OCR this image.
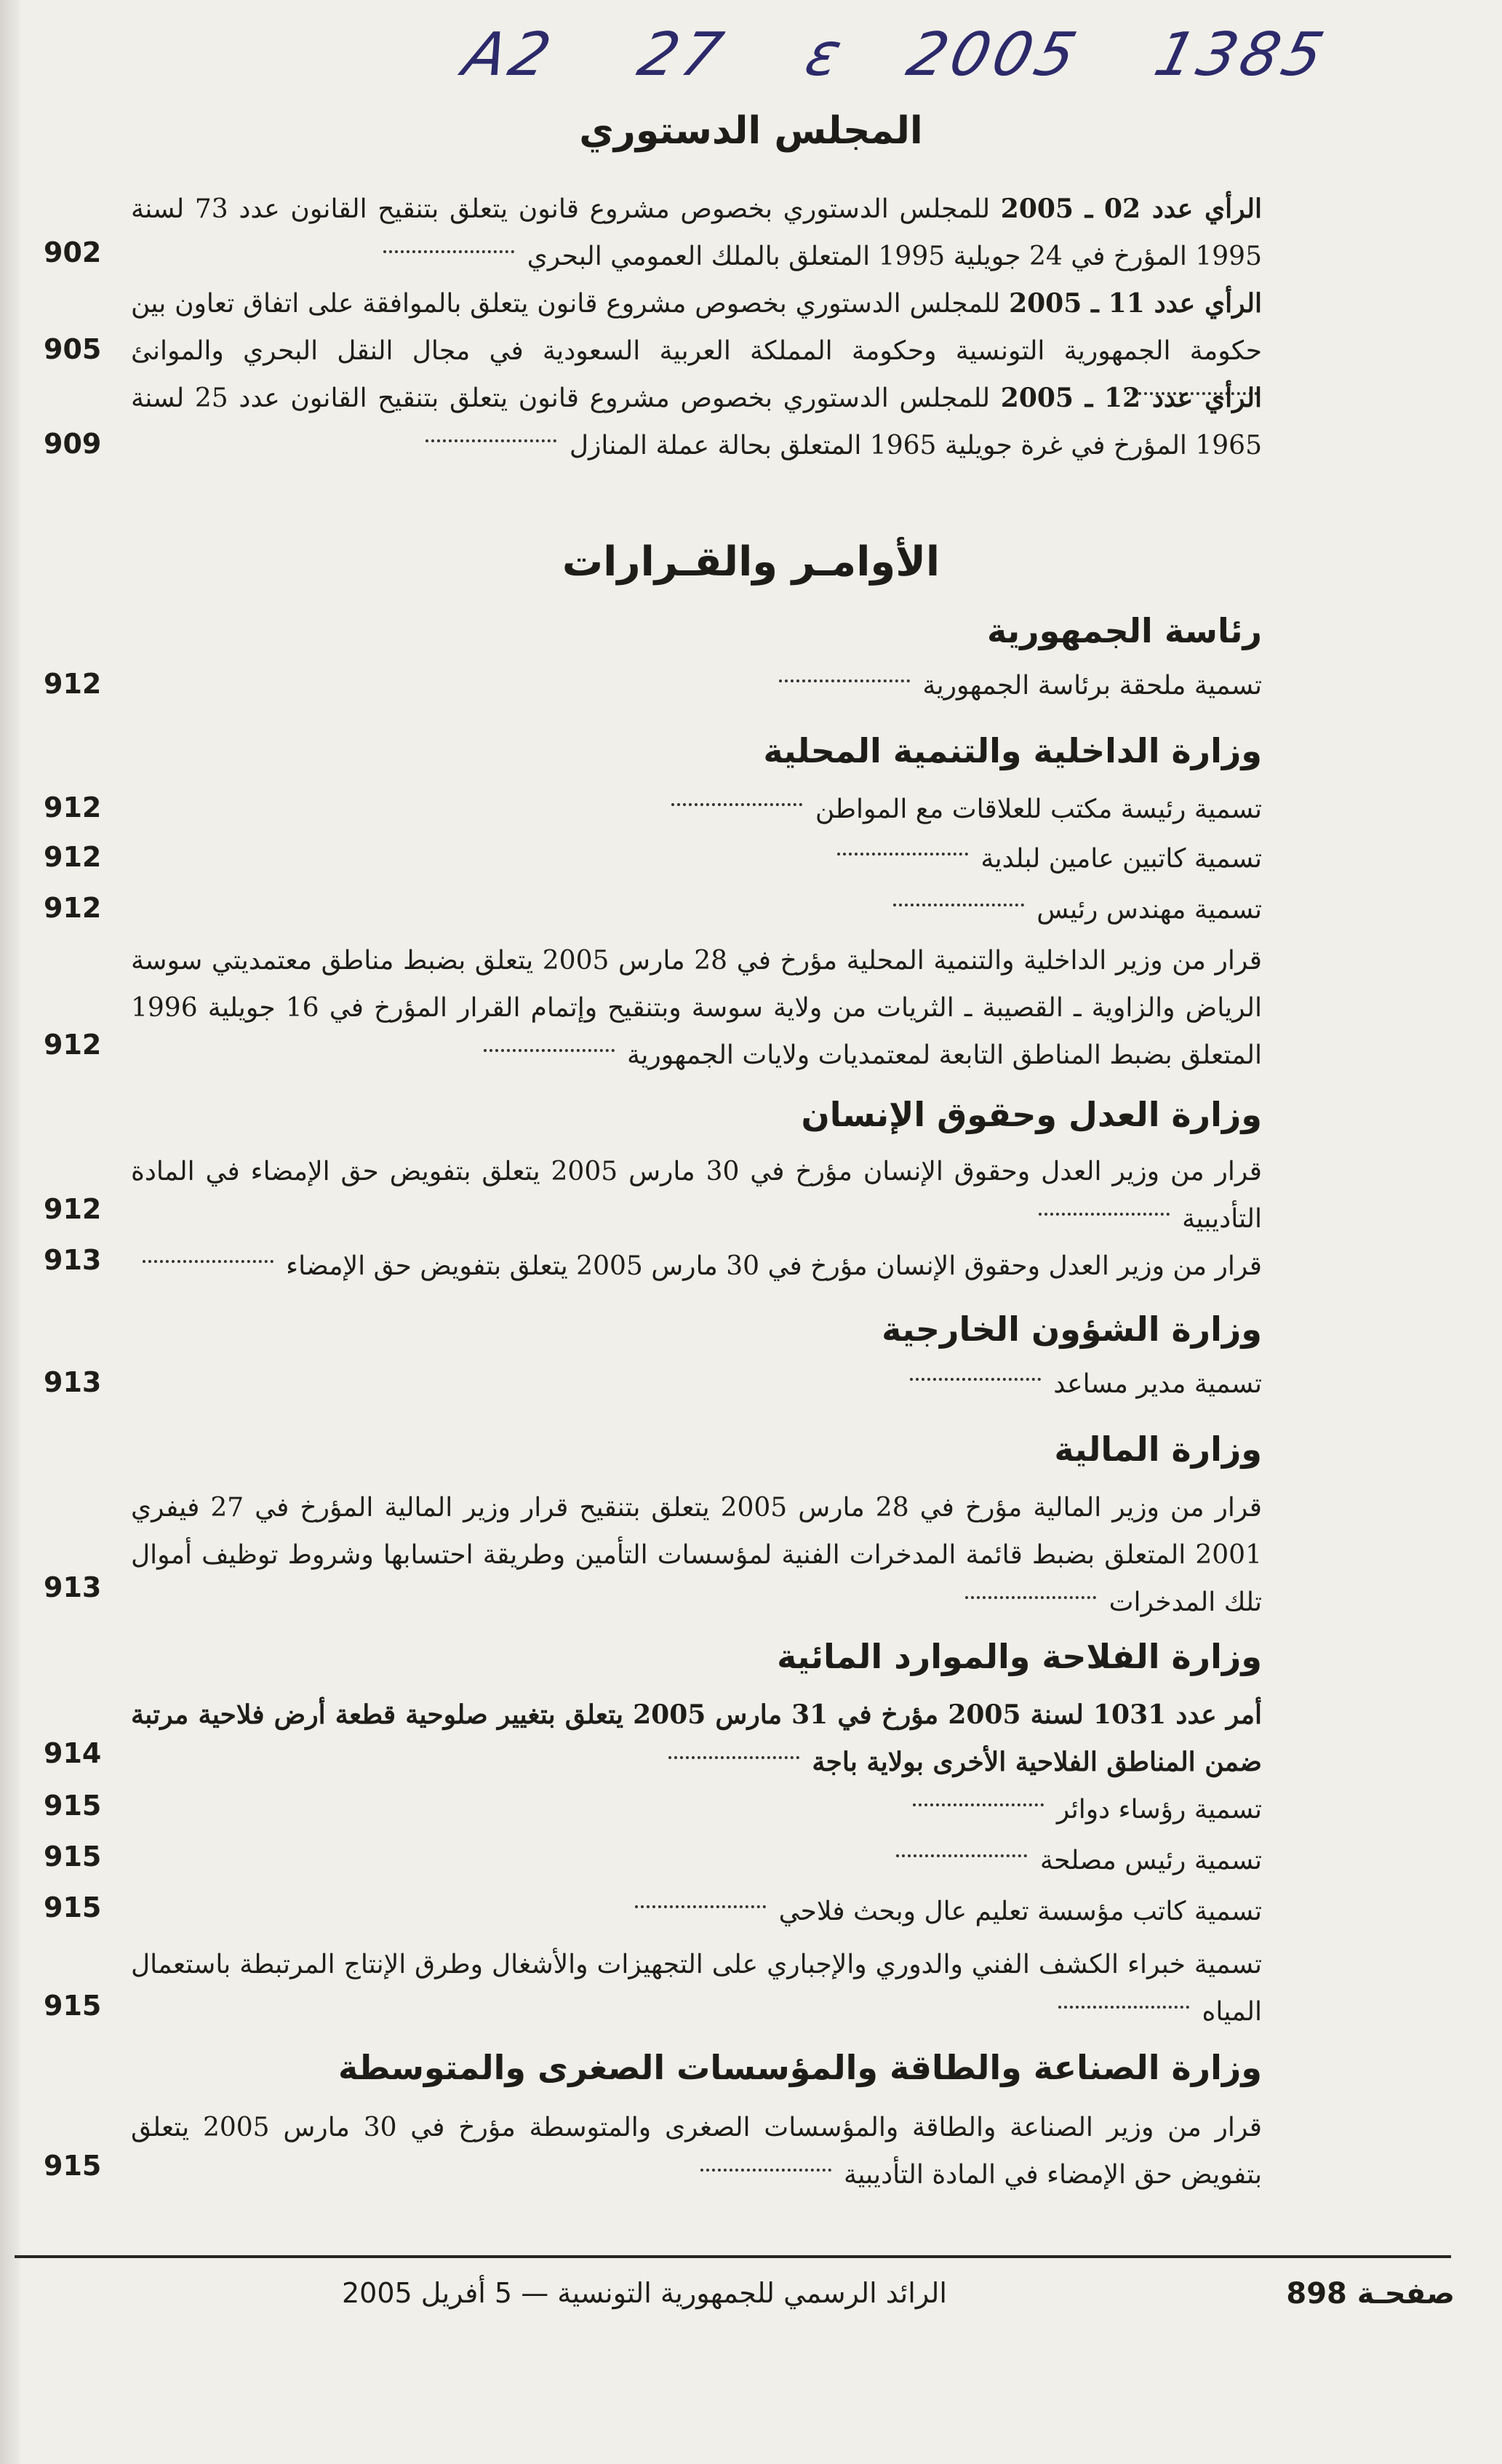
A2 27 ε 2005 1385
المجلس الدستوري
الرأي عدد 02 ـ 2005 للمجلس الدستوري بخصوص مشروع قانون يتعلق بتنقيح القانون عدد 73 لسنة 1995 المؤرخ في 24 جويلية 1995 المتعلق بالملك العمومي البحري
902
الرأي عدد 11 ـ 2005 للمجلس الدستوري بخصوص مشروع قانون يتعلق بالموافقة على اتفاق تعاون بين حكومة الجمهورية التونسية وحكومة المملكة العربية السعودية في مجال النقل البحري والموانئ
905
الرأي عدد 12 ـ 2005 للمجلس الدستوري بخصوص مشروع قانون يتعلق بتنقيح القانون عدد 25 لسنة 1965 المؤرخ في غرة جويلية 1965 المتعلق بحالة عملة المنازل
909
الأوامـر والقـرارات
رئاسة الجمهورية
تسمية ملحقة برئاسة الجمهورية
912
وزارة الداخلية والتنمية المحلية
تسمية رئيسة مكتب للعلاقات مع المواطن
912
تسمية كاتبين عامين لبلدية
912
تسمية مهندس رئيس
912
قرار من وزير الداخلية والتنمية المحلية مؤرخ في 28 مارس 2005 يتعلق بضبط مناطق معتمديتي سوسة الرياض والزاوية ـ القصيبة ـ الثريات من ولاية سوسة وبتنقيح وإتمام القرار المؤرخ في 16 جويلية 1996 المتعلق بضبط المناطق التابعة لمعتمديات ولايات الجمهورية
912
وزارة العدل وحقوق الإنسان
قرار من وزير العدل وحقوق الإنسان مؤرخ في 30 مارس 2005 يتعلق بتفويض حق الإمضاء في المادة التأديبية
912
قرار من وزير العدل وحقوق الإنسان مؤرخ في 30 مارس 2005 يتعلق بتفويض حق الإمضاء
913
وزارة الشؤون الخارجية
تسمية مدير مساعد
913
وزارة المالية
قرار من وزير المالية مؤرخ في 28 مارس 2005 يتعلق بتنقيح قرار وزير المالية المؤرخ في 27 فيفري 2001 المتعلق بضبط قائمة المدخرات الفنية لمؤسسات التأمين وطريقة احتسابها وشروط توظيف أموال تلك المدخرات
913
وزارة الفلاحة والموارد المائية
أمر عدد 1031 لسنة 2005 مؤرخ في 31 مارس 2005 يتعلق بتغيير صلوحية قطعة أرض فلاحية مرتبة ضمن المناطق الفلاحية الأخرى بولاية باجة
914
تسمية رؤساء دوائر
915
تسمية رئيس مصلحة
915
تسمية كاتب مؤسسة تعليم عال وبحث فلاحي
915
تسمية خبراء الكشف الفني والدوري والإجباري على التجهيزات والأشغال وطرق الإنتاج المرتبطة باستعمال المياه
915
وزارة الصناعة والطاقة والمؤسسات الصغرى والمتوسطة
قرار من وزير الصناعة والطاقة والمؤسسات الصغرى والمتوسطة مؤرخ في 30 مارس 2005 يتعلق بتفويض حق الإمضاء في المادة التأديبية
915
صفحـة 898
الرائد الرسمي للجمهورية التونسية — 5 أفريل 2005
